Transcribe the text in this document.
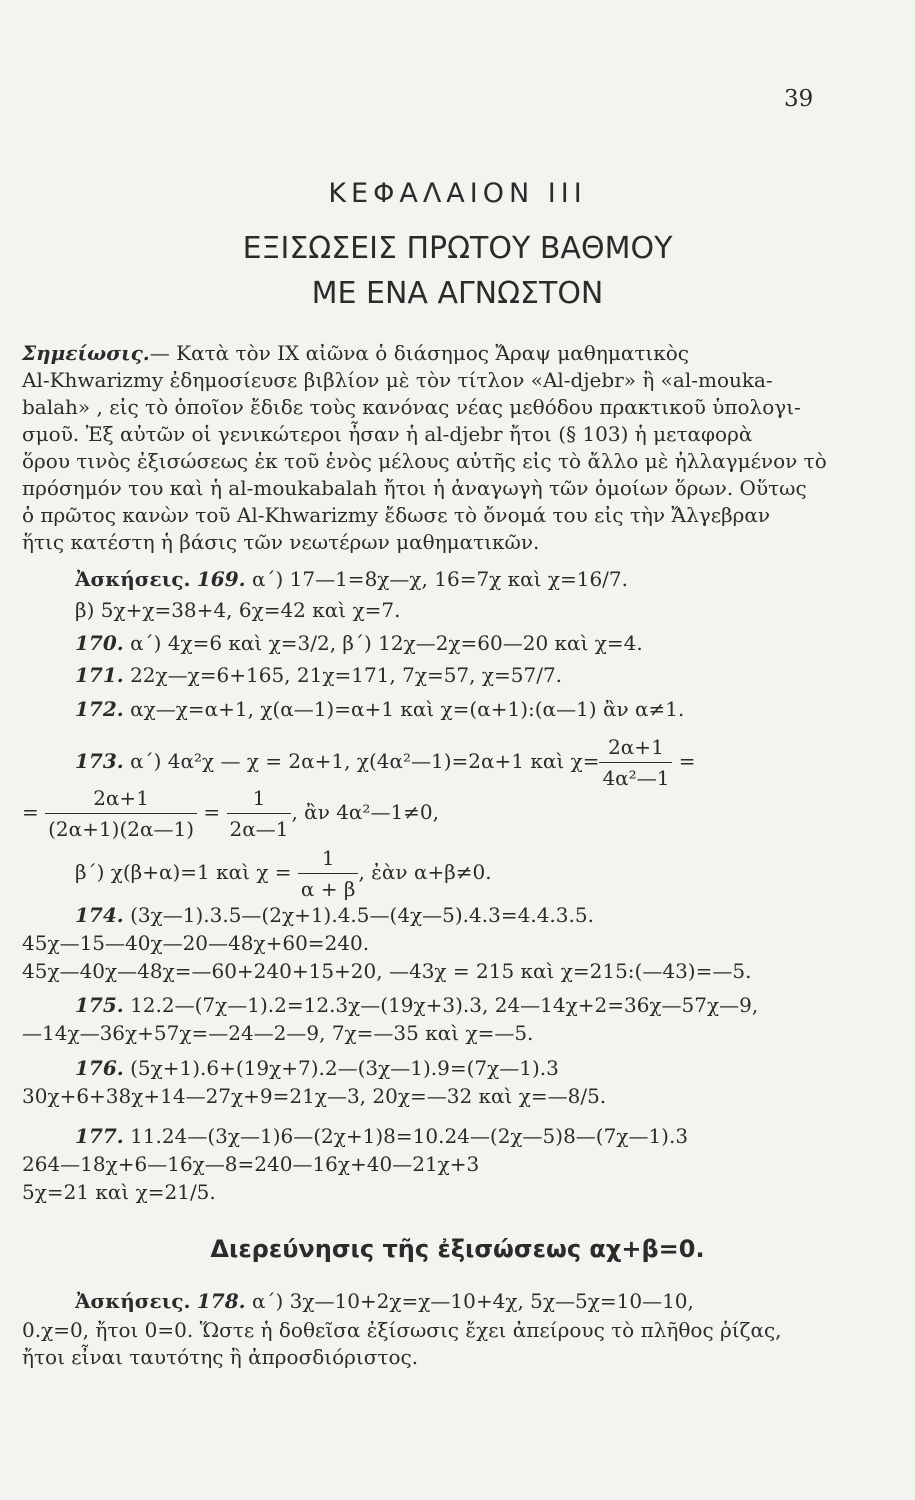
39
ΚΕΦΑΛΑΙΟΝ ΙΙΙ
ΕΞΙΣΩΣΕΙΣ ΠΡΩΤΟΥ ΒΑΘΜΟΥ
ΜΕ ΕΝΑ ΑΓΝΩΣΤΟΝ
Σημείωσις.— Κατὰ τὸν IX αἰῶνα ὁ διάσημος Ἄραψ μαθηματικὸς
Al-Khwarizmy ἐδημοσίευσε βιβλίον μὲ τὸν τίτλον «Al-djebr» ἢ «al-mouka-
balah» , εἰς τὸ ὁποῖον ἔδιδε τοὺς κανόνας νέας μεθόδου πρακτικοῦ ὑπολογι-
σμοῦ. Ἐξ αὐτῶν οἱ γενικώτεροι ἦσαν ἡ al-djebr ἤτοι (§ 103) ἡ μεταφορὰ
ὅρου τινὸς ἐξισώσεως ἐκ τοῦ ἑνὸς μέλους αὐτῆς εἰς τὸ ἄλλο μὲ ἠλλαγμένον τὸ
πρόσημόν του καὶ ἡ al-moukabalah ἤτοι ἡ ἀναγωγὴ τῶν ὁμοίων ὅρων. Οὕτως
ὁ πρῶτος κανὼν τοῦ Al-Khwarizmy ἔδωσε τὸ ὄνομά του εἰς τὴν Ἄλγεβραν
ἥτις κατέστη ἡ βάσις τῶν νεωτέρων μαθηματικῶν.
Ἀσκήσεις. 169. α΄) 17—1=8χ—χ, 16=7χ καὶ χ=16/7.
β) 5χ+χ=38+4, 6χ=42 καὶ χ=7.
170. α΄) 4χ=6 καὶ χ=3/2, β΄) 12χ—2χ=60—20 καὶ χ=4.
171. 22χ—χ=6+165, 21χ=171, 7χ=57, χ=57/7.
172. αχ—χ=α+1, χ(α—1)=α+1 καὶ χ=(α+1):(α—1) ἂν α≠1.
173. α΄) 4α²χ — χ = 2α+1, χ(4α²—1)=2α+1 καὶ $\chi= \frac{2\alpha+1}{\text{4α²—1}}$ =
= $\frac{2\alpha+1}{(2\alpha+1)(2\alpha—1)} = \frac{1}{2\alpha—1}$ , ἂν 4α²—1≠0,
β΄) χ(β+α)=1 καὶ $\chi = \frac{1}{\alpha + \beta}$ , ἐὰν α+β≠0.
174. (3χ—1).3.5—(2χ+1).4.5—(4χ—5).4.3=4.4.3.5.
45χ—15—40χ—20—48χ+60=240.
45χ—40χ—48χ=—60+240+15+20, —43χ = 215 καὶ χ=215:(—43)=—5.
175. 12.2—(7χ—1).2=12.3χ—(19χ+3).3, 24—14χ+2=36χ—57χ—9,
—14χ—36χ+57χ=—24—2—9, 7χ=—35 καὶ χ=—5.
176. (5χ+1).6+(19χ+7).2—(3χ—1).9=(7χ—1).3
30χ+6+38χ+14—27χ+9=21χ—3, 20χ=—32 καὶ χ=—8/5.
177. 11.24—(3χ—1)6—(2χ+1)8=10.24—(2χ—5)8—(7χ—1).3
264—18χ+6—16χ—8=240—16χ+40—21χ+3
5χ=21 καὶ χ=21/5.
Διερεύνησις τῆς ἐξισώσεως αχ+β=0.
Ἀσκήσεις. 178. α΄) 3χ—10+2χ=χ—10+4χ, 5χ—5χ=10—10,
0.χ=0, ἤτοι 0=0. Ὥστε ἡ δοθεῖσα ἐξίσωσις ἔχει ἀπείρους τὸ πλῆθος ῥίζας,
ἤτοι εἶναι ταυτότης ἢ ἀπροσδιόριστος.
